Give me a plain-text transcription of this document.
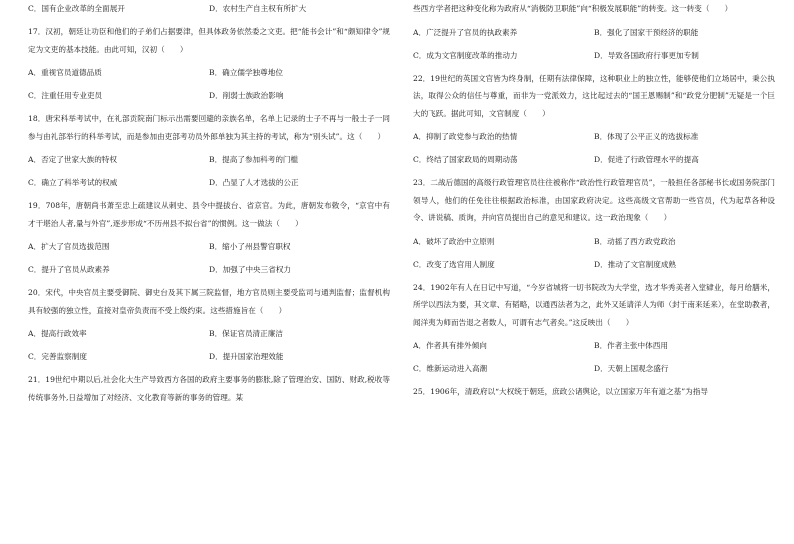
C．国有企业改革的全面展开	D．农村生产自主权有所扩大
17．汉初，朝廷让功臣和他们的子弟们占据要津，但具体政务依然委之文吏。把“能书会计”和“颇知律令”规定为文吏的基本技能。由此可知，汉初（　　）
A．重视官员道德品质	B．确立儒学独尊地位
C．注重任用专业吏员	D．削弱士族政治影响
18．唐宋科举考试中，在礼部贡院南门标示出需要回避的亲族名单，名单上记录的士子不再与一般士子一同参与由礼部举行的科举考试，而是参加由吏部考功员外郎单独为其主持的考试，称为“别头试”。这（　　）
A．否定了世家大族的特权	B．提高了参加科考的门槛
C．确立了科举考试的权威	D．凸显了人才选拔的公正
19．708年，唐朝尚书萧至忠上疏建议从刺史、县令中提拔台、省京官。为此，唐朝发布敕令，“京官中有才干堪治人者,量与外官”,逐步形成“不历州县不拟台省”的惯例。这一做法（　　）
A．扩大了官员选拔范围	B．缩小了州县警官职权
C．提升了官员从政素养	D．加强了中央三省权力
20．宋代，中央官员主要受御院、御史台及其下属三院监督，地方官员则主要受监司与通判监督；监督机构具有较强的独立性，直接对皇帝负责而不受上级约束。这些措施旨在（　　）
A．提高行政效率	B．保证官员清正廉洁
C．完善监察制度	D．提升国家治理效能
21．19世纪中期以后,社会化大生产导致西方各国的政府主要事务的膨胀,除了管理治安、国防、财政,税收等传统事务外,日益增加了对经济、文化教育等新的事务的管理。某
些西方学者把这种变化称为政府从“消极防卫职能”向“积极发展职能”的转变。这一转变（　　）
A．广泛提升了官员的执政素养	B．强化了国家干预经济的职能
C．成为文官制度改革的推动力	D．导致各国政府行事更加专制
22．19世纪的英国文官皆为终身制，任期有法律保障，这种职业上的独立性，能够使他们立场居中，秉公执法，取得公众的信任与尊重，而非为一党派效力，这比起过去的“国王恩赐制”和“政党分肥制”无疑是一个巨大的飞跃。据此可知，文官制度（　　）
A．抑制了政党参与政治的热情	B．体现了公平正义的选拔标准
C．终结了国家政局的周期动荡	D．促进了行政管理水平的提高
23．二战后德国的高级行政管理官员往往被称作“政治性行政管理官员”，一般担任各部秘书长或国务院部门领导人，他们的任免往往根据政治标准，由国家政府决定。这些高级文官帮助一些官员，代为起草各种设令、讲说稿、质询，并向官员提出自己的意见和建议。这一政治现象（　　）
A．破坏了政治中立原则	B．动摇了西方政党政治
C．改变了选官用人制度	D．推动了文官制度成熟
24．1902年有人在日记中写道，“今岁省城将一切书院改为大学堂，选才华秀美者入堂肄业，每月给膳米，所学以西法为要，其文章、有韬略，以通西法者为之，此外又延请洋人为师（封于南来延来），在堂助教者，闻洋夷为师而告退之者数人，可谓有志气者矣。”这反映出（　　）
A．作者具有排外倾向	B．作者主张中体西用
C．维新运动进入高潮	D．天朝上国观念盛行
25．1906年，清政府以“大权统于朝廷，庶政公诸舆论，以立国家万年有道之基”为指导
